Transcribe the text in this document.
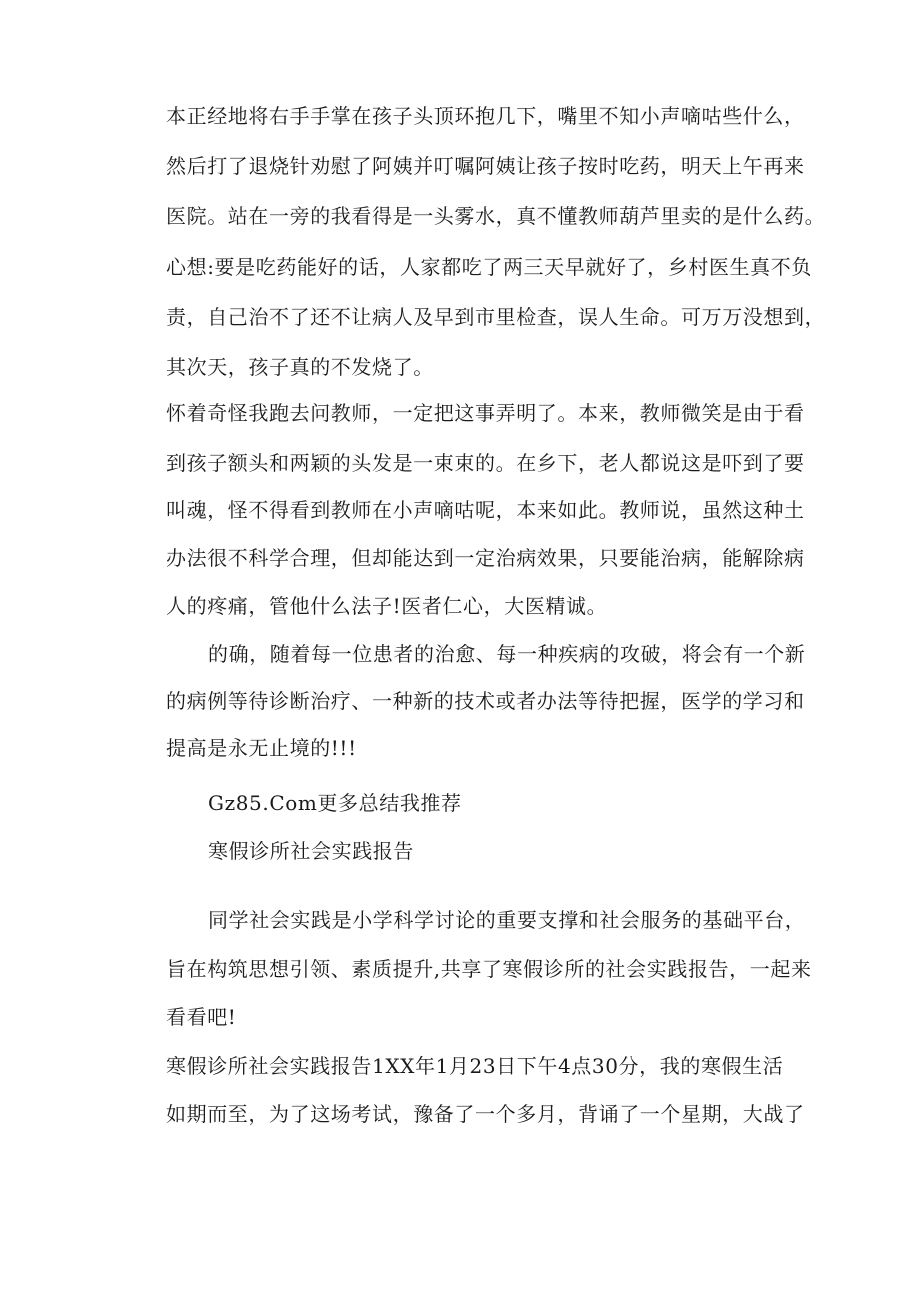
本正经地将右手手掌在孩子头顶环抱几下，嘴里不知小声嘀咕些什么，
然后打了退烧针劝慰了阿姨并叮嘱阿姨让孩子按时吃药，明天上午再来
医院。站在一旁的我看得是一头雾水，真不懂教师葫芦里卖的是什么药。
心想:要是吃药能好的话，人家都吃了两三天早就好了，乡村医生真不负
责，自己治不了还不让病人及早到市里检查，误人生命。可万万没想到，
其次天，孩子真的不发烧了。
怀着奇怪我跑去问教师，一定把这事弄明了。本来，教师微笑是由于看
到孩子额头和两颖的头发是一束束的。在乡下，老人都说这是吓到了要
叫魂，怪不得看到教师在小声嘀咕呢，本来如此。教师说，虽然这种土
办法很不科学合理，但却能达到一定治病效果，只要能治病，能解除病
人的疼痛，管他什么法子!医者仁心，大医精诚。
的确，随着每一位患者的治愈、每一种疾病的攻破，将会有一个新
的病例等待诊断治疗、一种新的技术或者办法等待把握，医学的学习和
提高是永无止境的!!!
Gz85.Com更多总结我推荐
寒假诊所社会实践报告
同学社会实践是小学科学讨论的重要支撑和社会服务的基础平台，
旨在构筑思想引领、素质提升,共享了寒假诊所的社会实践报告，一起来
看看吧!
寒假诊所社会实践报告1XX年1月23日下午4点30分，我的寒假生活
如期而至，为了这场考试，豫备了一个多月，背诵了一个星期，大战了
